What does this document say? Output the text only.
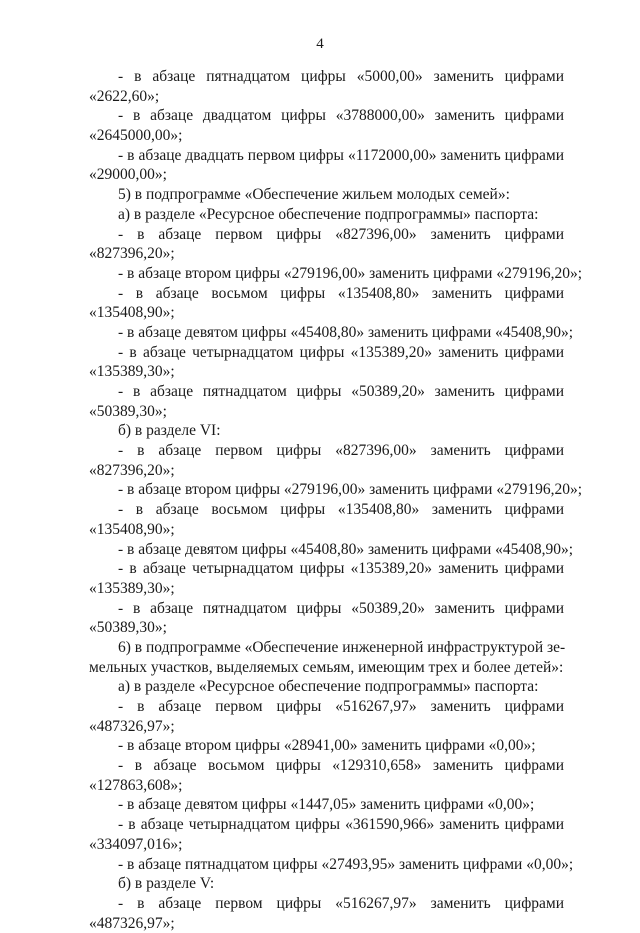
4
- в абзаце пятнадцатом цифры «5000,00» заменить цифрами
«2622,60»;
- в абзаце двадцатом цифры «3788000,00» заменить цифрами
«2645000,00»;
- в абзаце двадцать первом цифры «1172000,00» заменить цифрами
«29000,00»;
5) в подпрограмме «Обеспечение жильем молодых семей»:
а) в разделе «Ресурсное обеспечение подпрограммы» паспорта:
- в абзаце первом цифры «827396,00» заменить цифрами
«827396,20»;
- в абзаце втором цифры «279196,00» заменить цифрами «279196,20»;
- в абзаце восьмом цифры «135408,80» заменить цифрами
«135408,90»;
- в абзаце девятом цифры «45408,80» заменить цифрами «45408,90»;
- в абзаце четырнадцатом цифры «135389,20» заменить цифрами
«135389,30»;
- в абзаце пятнадцатом цифры «50389,20» заменить цифрами
«50389,30»;
б) в разделе VI:
- в абзаце первом цифры «827396,00» заменить цифрами
«827396,20»;
- в абзаце втором цифры «279196,00» заменить цифрами «279196,20»;
- в абзаце восьмом цифры «135408,80» заменить цифрами
«135408,90»;
- в абзаце девятом цифры «45408,80» заменить цифрами «45408,90»;
- в абзаце четырнадцатом цифры «135389,20» заменить цифрами
«135389,30»;
- в абзаце пятнадцатом цифры «50389,20» заменить цифрами
«50389,30»;
6) в подпрограмме «Обеспечение инженерной инфраструктурой зе-
мельных участков, выделяемых семьям, имеющим трех и более детей»:
а) в разделе «Ресурсное обеспечение подпрограммы» паспорта:
- в абзаце первом цифры «516267,97» заменить цифрами
«487326,97»;
- в абзаце втором цифры «28941,00» заменить цифрами «0,00»;
- в абзаце восьмом цифры «129310,658» заменить цифрами
«127863,608»;
- в абзаце девятом цифры «1447,05» заменить цифрами «0,00»;
- в абзаце четырнадцатом цифры «361590,966» заменить цифрами
«334097,016»;
- в абзаце пятнадцатом цифры «27493,95» заменить цифрами «0,00»;
б) в разделе V:
- в абзаце первом цифры «516267,97» заменить цифрами
«487326,97»;
